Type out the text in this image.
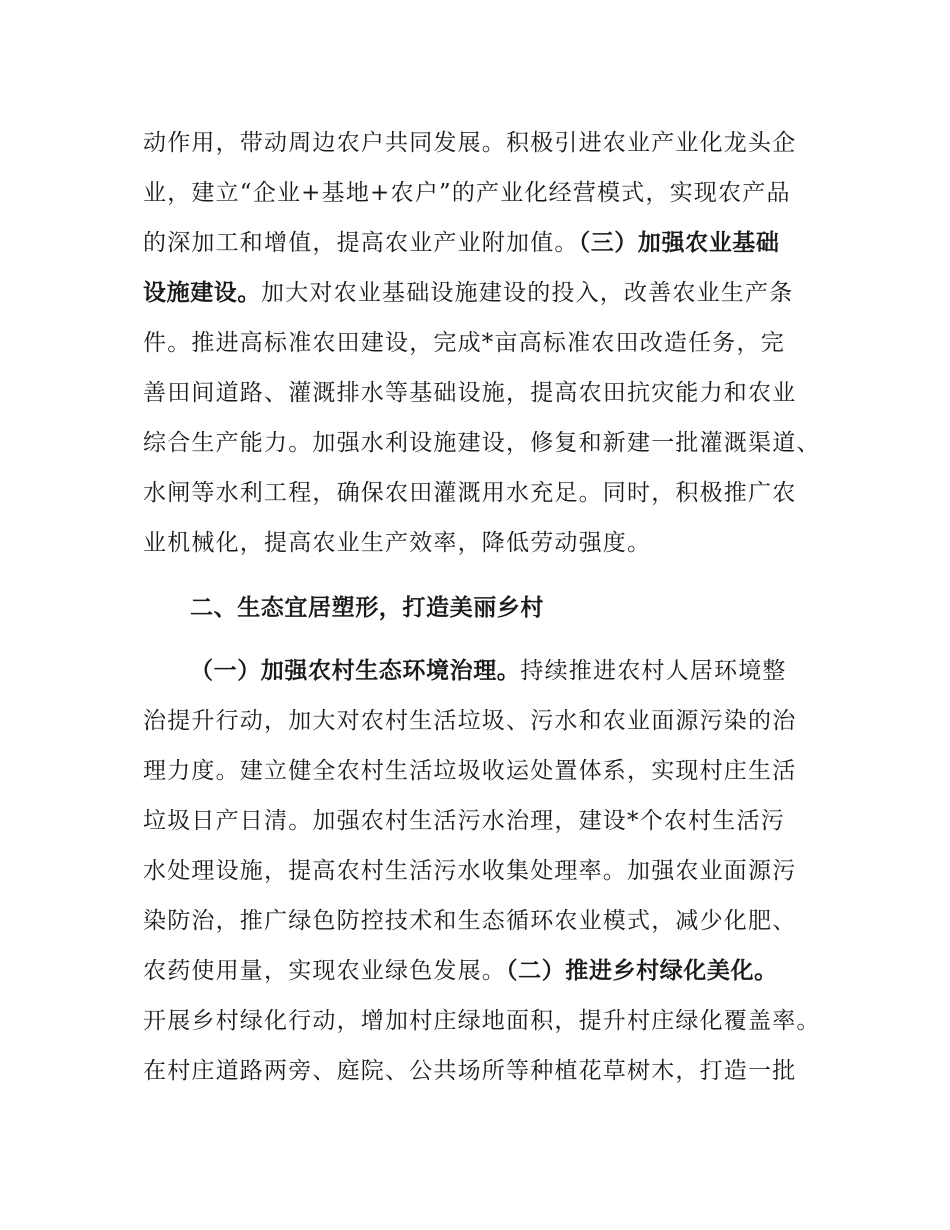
动作用，带动周边农户共同发展。积极引进农业产业化龙头企
业，建立“企业+基地+农户”的产业化经营模式，实现农产品
的深加工和增值，提高农业产业附加值。（三）加强农业基础
设施建设。加大对农业基础设施建设的投入，改善农业生产条
件。推进高标准农田建设，完成*亩高标准农田改造任务，完
善田间道路、灌溉排水等基础设施，提高农田抗灾能力和农业
综合生产能力。加强水利设施建设，修复和新建一批灌溉渠道、
水闸等水利工程，确保农田灌溉用水充足。同时，积极推广农
业机械化，提高农业生产效率，降低劳动强度。
二、生态宜居塑形，打造美丽乡村
（一）加强农村生态环境治理。持续推进农村人居环境整
治提升行动，加大对农村生活垃圾、污水和农业面源污染的治
理力度。建立健全农村生活垃圾收运处置体系，实现村庄生活
垃圾日产日清。加强农村生活污水治理，建设*个农村生活污
水处理设施，提高农村生活污水收集处理率。加强农业面源污
染防治，推广绿色防控技术和生态循环农业模式，减少化肥、
农药使用量，实现农业绿色发展。（二）推进乡村绿化美化。
开展乡村绿化行动，增加村庄绿地面积，提升村庄绿化覆盖率。
在村庄道路两旁、庭院、公共场所等种植花草树木，打造一批
